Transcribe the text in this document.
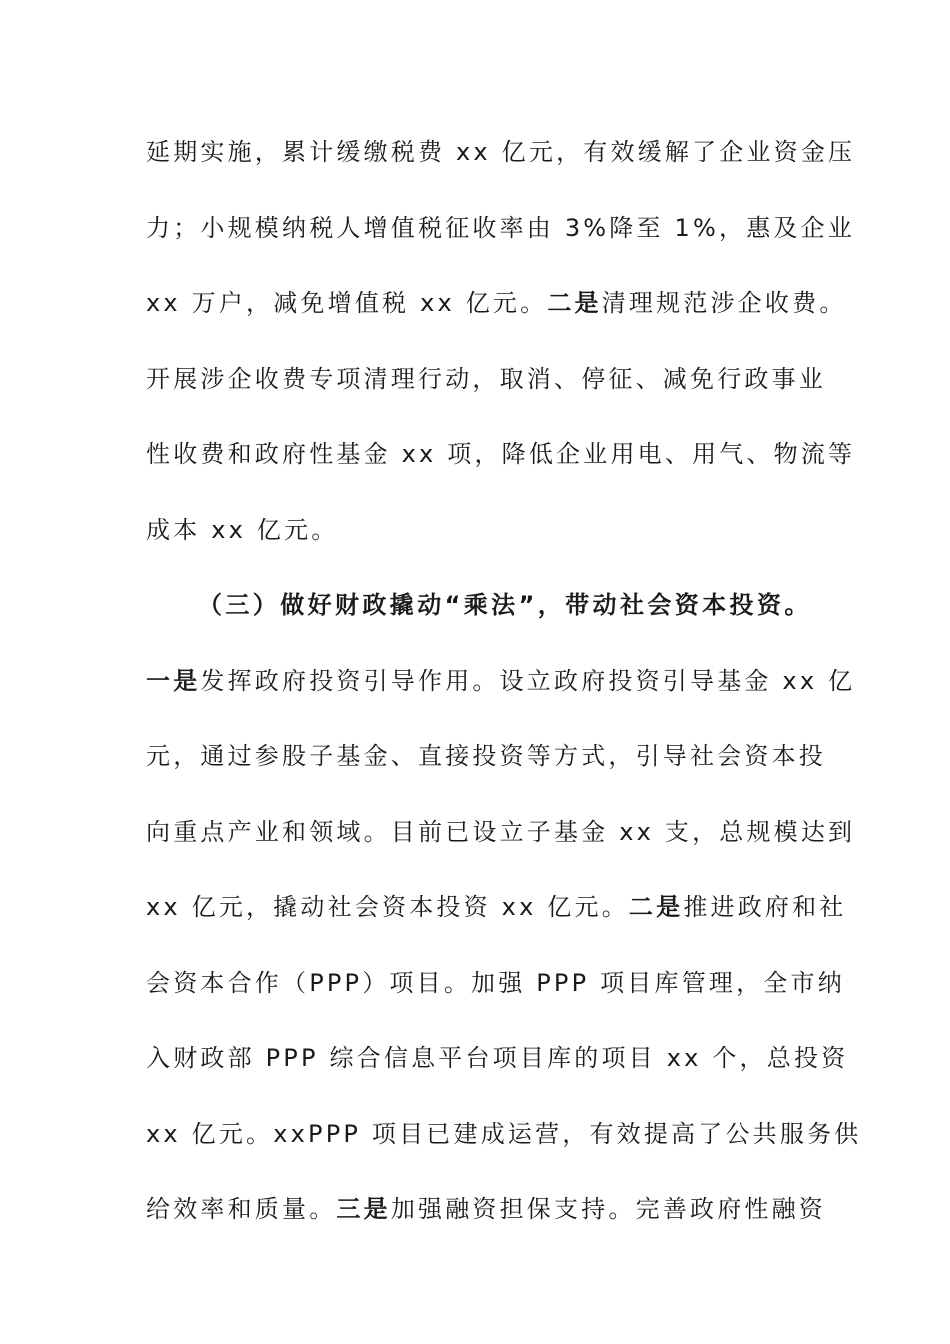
延期实施，累计缓缴税费 xx 亿元，有效缓解了企业资金压
力；小规模纳税人增值税征收率由 3%降至 1%，惠及企业
xx 万户，减免增值税 xx 亿元。二是清理规范涉企收费。
开展涉企收费专项清理行动，取消、停征、减免行政事业
性收费和政府性基金 xx 项，降低企业用电、用气、物流等
成本 xx 亿元。
（三）做好财政撬动“乘法”，带动社会资本投资。
一是发挥政府投资引导作用。设立政府投资引导基金 xx 亿
元，通过参股子基金、直接投资等方式，引导社会资本投
向重点产业和领域。目前已设立子基金 xx 支，总规模达到
xx 亿元，撬动社会资本投资 xx 亿元。二是推进政府和社
会资本合作（PPP）项目。加强 PPP 项目库管理，全市纳
入财政部 PPP 综合信息平台项目库的项目 xx 个，总投资
xx 亿元。xxPPP 项目已建成运营，有效提高了公共服务供
给效率和质量。三是加强融资担保支持。完善政府性融资
